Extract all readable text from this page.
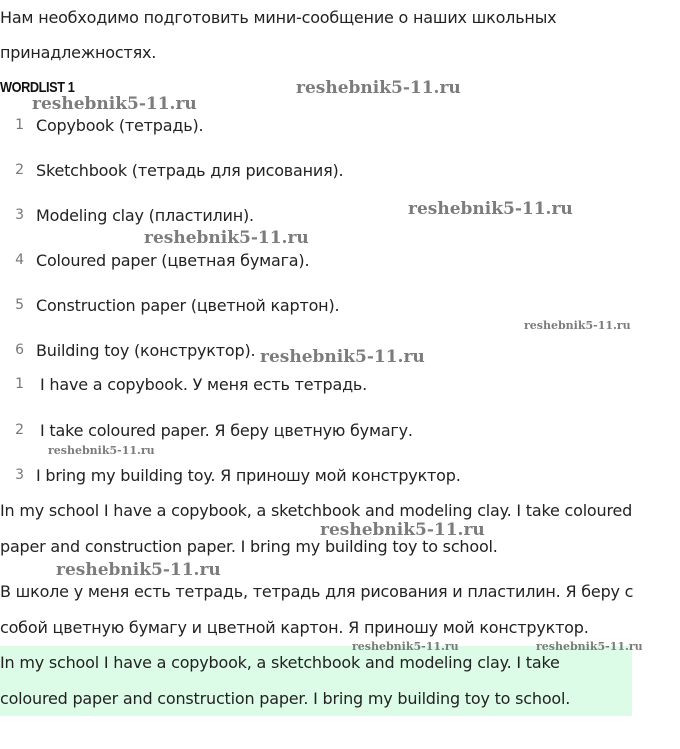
Нам необходимо подготовить мини-сообщение о наших школьных
принадлежностях.
WORDLIST 1
1 Copybook (тетрадь).
2 Sketchbook (тетрадь для рисования).
3 Modeling clay (пластилин).
4 Coloured paper (цветная бумага).
5 Construction paper (цветной картон).
6 Building toy (конструктор).
1 I have a copybook. У меня есть тетрадь.
2 I take coloured paper. Я беру цветную бумагу.
3 I bring my building toy. Я приношу мой конструктор.
In my school I have a copybook, a sketchbook and modeling clay. I take coloured
paper and construction paper. I bring my building toy to school.
В школе у меня есть тетрадь, тетрадь для рисования и пластилин. Я беру с
собой цветную бумагу и цветной картон. Я приношу мой конструктор.
In my school I have a copybook, a sketchbook and modeling clay. I take
coloured paper and construction paper. I bring my building toy to school.
reshebnik5-11.ru
reshebnik5-11.ru
reshebnik5-11.ru
reshebnik5-11.ru
reshebnik5-11.ru
reshebnik5-11.ru
reshebnik5-11.ru
reshebnik5-11.ru
reshebnik5-11.ru
reshebnik5-11.ru	reshebnik5-11.ru
